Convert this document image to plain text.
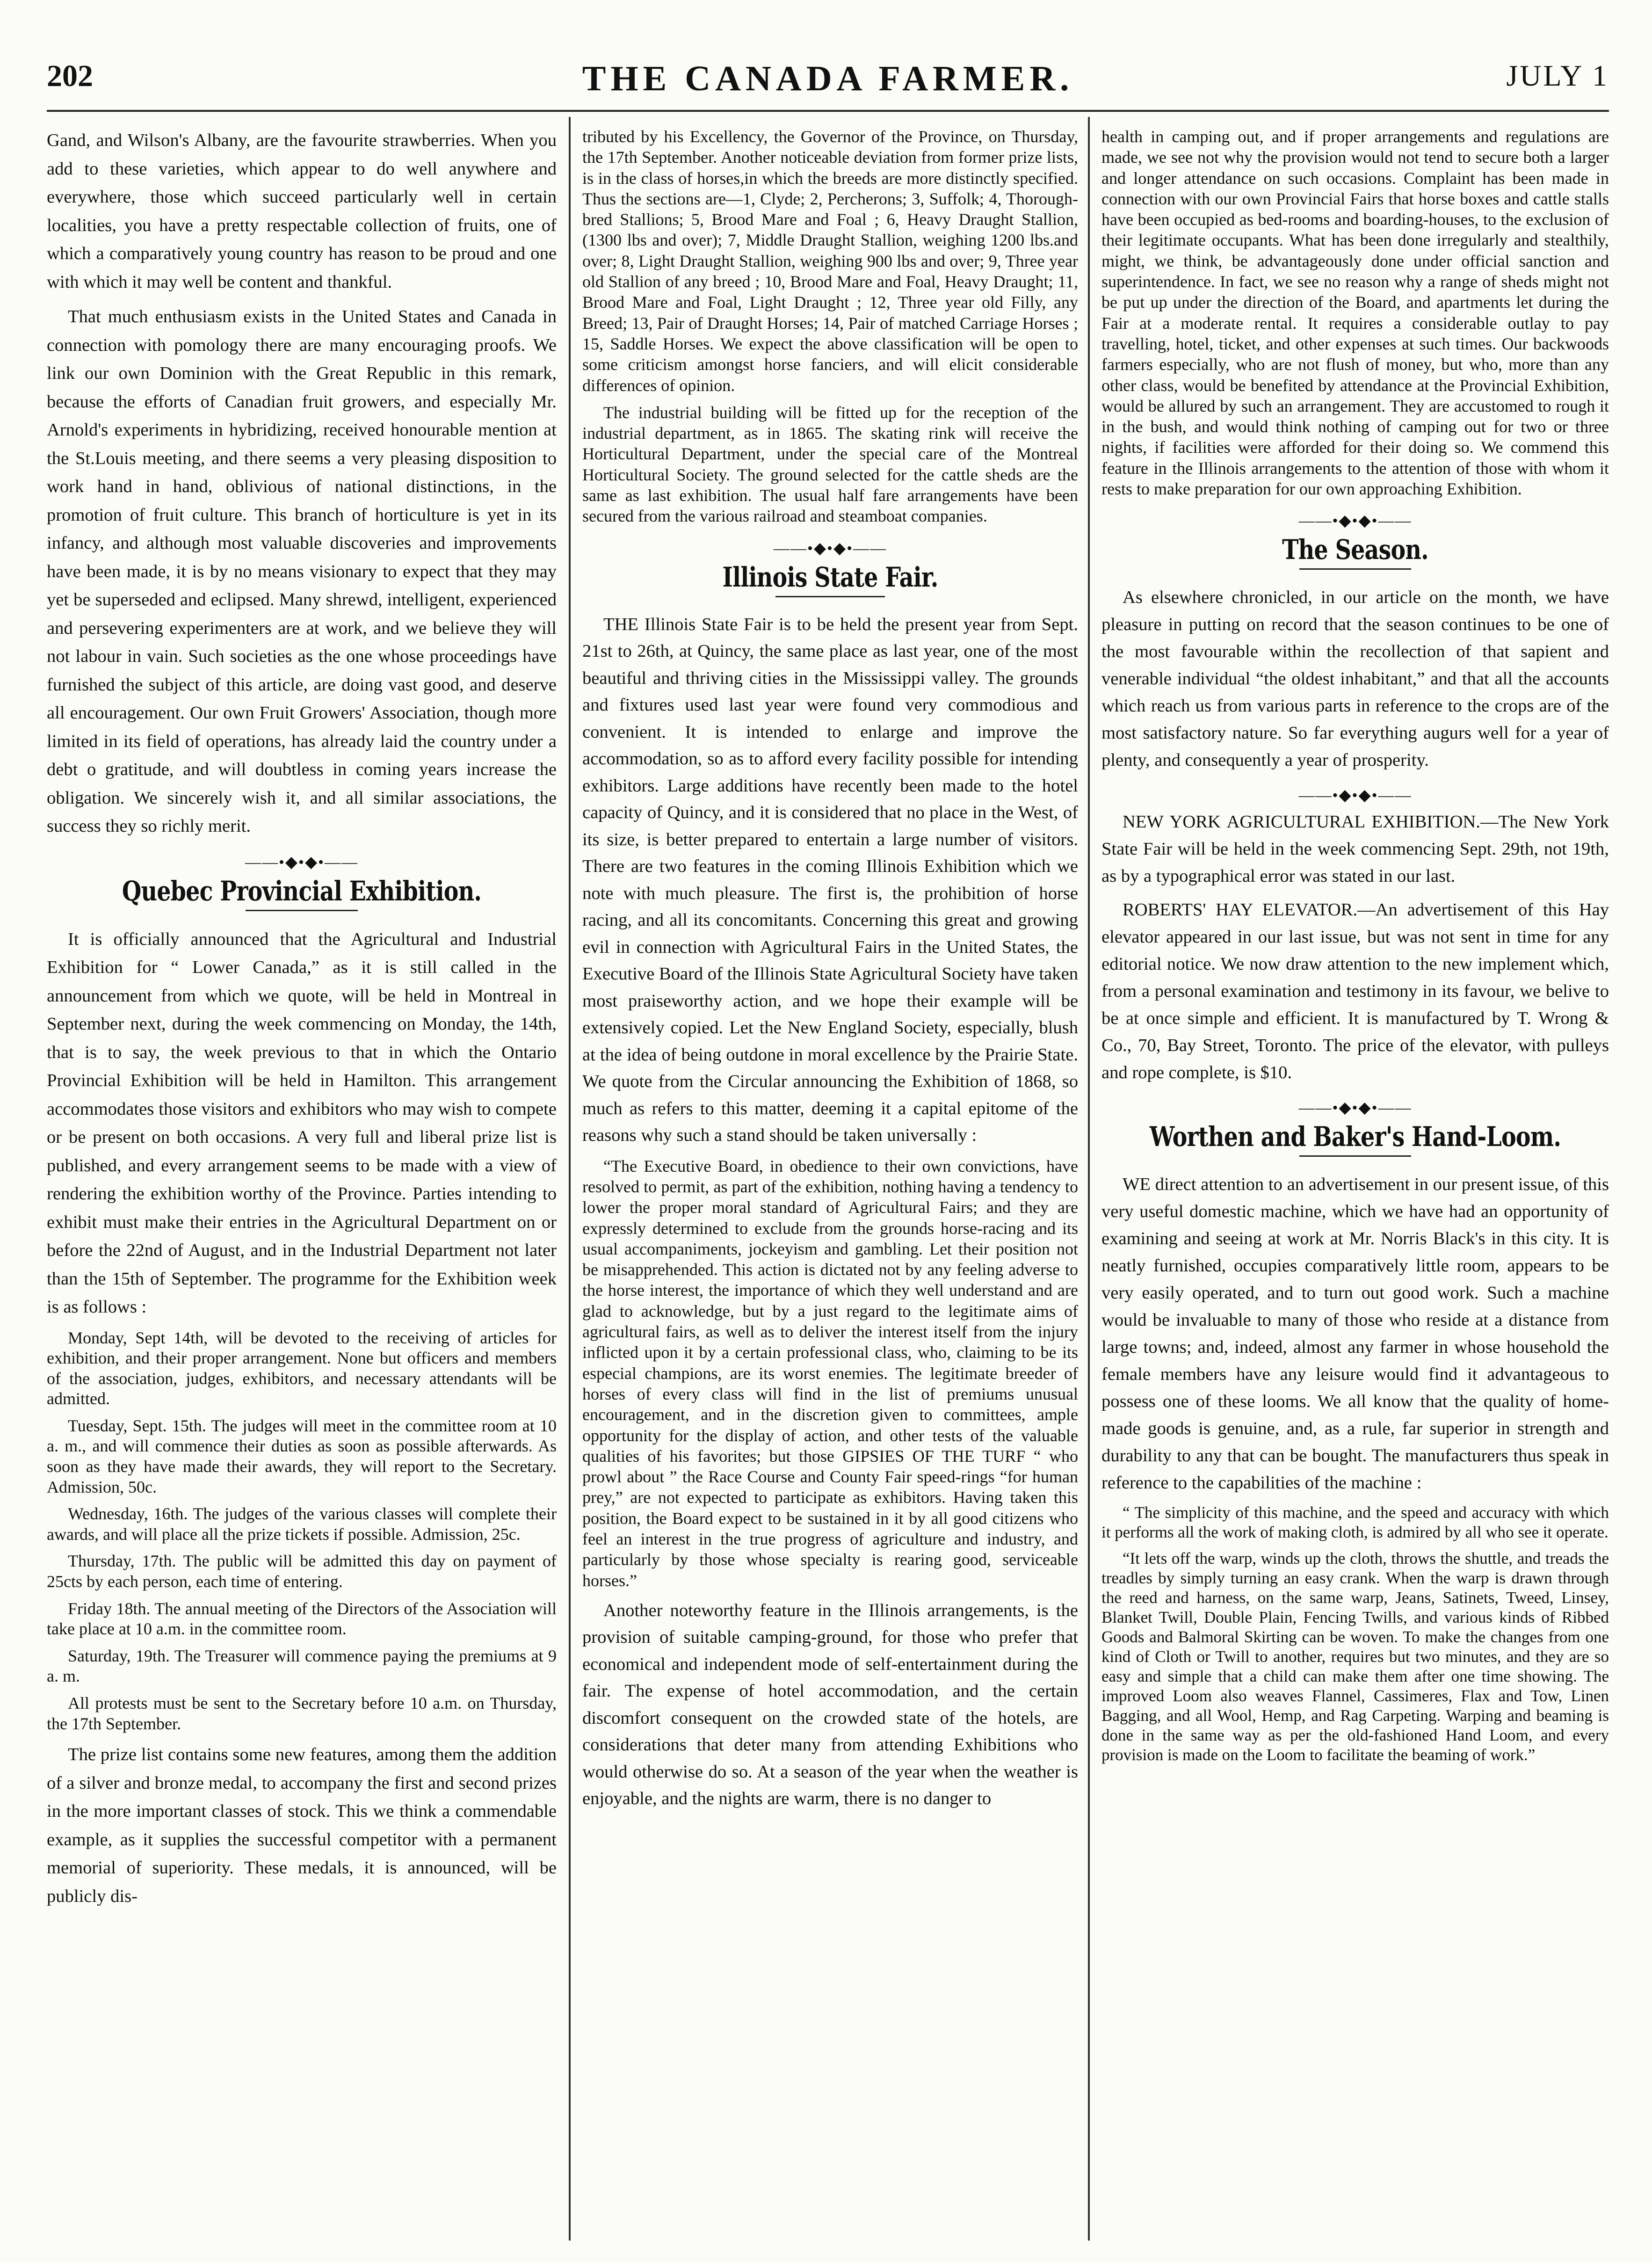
202	THE CANADA FARMER.	JULY 1

Gand, and Wilson's Albany, are the favourite strawberries. When you add to these varieties, which appear to do well anywhere and everywhere, those which succeed particularly well in certain localities, you have a pretty respectable collection of fruits, one of which a comparatively young country has reason to be proud and one with which it may well be content and thankful.

That much enthusiasm exists in the United States and Canada in connection with pomology there are many encouraging proofs. We link our own Dominion with the Great Republic in this remark, because the efforts of Canadian fruit growers, and especially Mr. Arnold's experiments in hybridizing, received honourable mention at the St.Louis meeting, and there seems a very pleasing disposition to work hand in hand, oblivious of national distinctions, in the promotion of fruit culture. This branch of horticulture is yet in its infancy, and although most valuable discoveries and improvements have been made, it is by no means visionary to expect that they may yet be superseded and eclipsed. Many shrewd, intelligent, experienced and persevering experimenters are at work, and we believe they will not labour in vain. Such societies as the one whose proceedings have furnished the subject of this article, are doing vast good, and deserve all encouragement. Our own Fruit Growers' Association, though more limited in its field of operations, has already laid the country under a debt o gratitude, and will doubtless in coming years increase the obligation. We sincerely wish it, and all similar associations, the success they so richly merit.

——•◆•◆•——
Quebec Provincial Exhibition.

It is officially announced that the Agricultural and Industrial Exhibition for “ Lower Canada,” as it is still called in the announcement from which we quote, will be held in Montreal in September next, during the week commencing on Monday, the 14th, that is to say, the week previous to that in which the Ontario Provincial Exhibition will be held in Hamilton. This arrangement accommodates those visitors and exhibitors who may wish to compete or be present on both occasions. A very full and liberal prize list is published, and every arrangement seems to be made with a view of rendering the exhibition worthy of the Province. Parties intending to exhibit must make their entries in the Agricultural Department on or before the 22nd of August, and in the Industrial Department not later than the 15th of September. The programme for the Exhibition week is as follows :

Monday, Sept 14th, will be devoted to the receiving of articles for exhibition, and their proper arrangement. None but officers and members of the association, judges, exhibitors, and necessary attendants will be admitted.

Tuesday, Sept. 15th. The judges will meet in the committee room at 10 a. m., and will commence their duties as soon as possible afterwards. As soon as they have made their awards, they will report to the Secretary. Admission, 50c.

Wednesday, 16th. The judges of the various classes will complete their awards, and will place all the prize tickets if possible. Admission, 25c.

Thursday, 17th. The public will be admitted this day on payment of 25cts by each person, each time of entering.

Friday 18th. The annual meeting of the Directors of the Association will take place at 10 a.m. in the committee room.

Saturday, 19th. The Treasurer will commence paying the premiums at 9 a. m.

All protests must be sent to the Secretary before 10 a.m. on Thursday, the 17th September.

The prize list contains some new features, among them the addition of a silver and bronze medal, to accompany the first and second prizes in the more important classes of stock. This we think a commendable example, as it supplies the successful competitor with a permanent memorial of superiority. These medals, it is announced, will be publicly dis-

tributed by his Excellency, the Governor of the Province, on Thursday, the 17th September. Another noticeable deviation from former prize lists, is in the class of horses,in which the breeds are more distinctly specified. Thus the sections are—1, Clyde; 2, Percherons; 3, Suffolk; 4, Thorough-bred Stallions; 5, Brood Mare and Foal ; 6, Heavy Draught Stallion, (1300 lbs and over); 7, Middle Draught Stallion, weighing 1200 lbs.and over; 8, Light Draught Stallion, weighing 900 lbs and over; 9, Three year old Stallion of any breed ; 10, Brood Mare and Foal, Heavy Draught; 11, Brood Mare and Foal, Light Draught ; 12, Three year old Filly, any Breed; 13, Pair of Draught Horses; 14, Pair of matched Carriage Horses ; 15, Saddle Horses. We expect the above classification will be open to some criticism amongst horse fanciers, and will elicit considerable differences of opinion.

The industrial building will be fitted up for the reception of the industrial department, as in 1865. The skating rink will receive the Horticultural Department, under the special care of the Montreal Horticultural Society. The ground selected for the cattle sheds are the same as last exhibition. The usual half fare arrangements have been secured from the various railroad and steamboat companies.

——•◆•◆•——
Illinois State Fair.

THE Illinois State Fair is to be held the present year from Sept. 21st to 26th, at Quincy, the same place as last year, one of the most beautiful and thriving cities in the Mississippi valley. The grounds and fixtures used last year were found very commodious and convenient. It is intended to enlarge and improve the accommodation, so as to afford every facility possible for intending exhibitors. Large additions have recently been made to the hotel capacity of Quincy, and it is considered that no place in the West, of its size, is better prepared to entertain a large number of visitors. There are two features in the coming Illinois Exhibition which we note with much pleasure. The first is, the prohibition of horse racing, and all its concomitants. Concerning this great and growing evil in connection with Agricultural Fairs in the United States, the Executive Board of the Illinois State Agricultural Society have taken most praiseworthy action, and we hope their example will be extensively copied. Let the New England Society, especially, blush at the idea of being outdone in moral excellence by the Prairie State. We quote from the Circular announcing the Exhibition of 1868, so much as refers to this matter, deeming it a capital epitome of the reasons why such a stand should be taken universally :

“The Executive Board, in obedience to their own convictions, have resolved to permit, as part of the exhibition, nothing having a tendency to lower the proper moral standard of Agricultural Fairs; and they are expressly determined to exclude from the grounds horse-racing and its usual accompaniments, jockeyism and gambling. Let their position not be misapprehended. This action is dictated not by any feeling adverse to the horse interest, the importance of which they well understand and are glad to acknowledge, but by a just regard to the legitimate aims of agricultural fairs, as well as to deliver the interest itself from the injury inflicted upon it by a certain professional class, who, claiming to be its especial champions, are its worst enemies. The legitimate breeder of horses of every class will find in the list of premiums unusual encouragement, and in the discretion given to committees, ample opportunity for the display of action, and other tests of the valuable qualities of his favorites; but those GIPSIES OF THE TURF “ who prowl about ” the Race Course and County Fair speed-rings “for human prey,” are not expected to participate as exhibitors. Having taken this position, the Board expect to be sustained in it by all good citizens who feel an interest in the true progress of agriculture and industry, and particularly by those whose specialty is rearing good, serviceable horses.”

Another noteworthy feature in the Illinois arrangements, is the provision of suitable camping-ground, for those who prefer that economical and independent mode of self-entertainment during the fair. The expense of hotel accommodation, and the certain discomfort consequent on the crowded state of the hotels, are considerations that deter many from attending Exhibitions who would otherwise do so. At a season of the year when the weather is enjoyable, and the nights are warm, there is no danger to

health in camping out, and if proper arrangements and regulations are made, we see not why the provision would not tend to secure both a larger and longer attendance on such occasions. Complaint has been made in connection with our own Provincial Fairs that horse boxes and cattle stalls have been occupied as bed-rooms and boarding-houses, to the exclusion of their legitimate occupants. What has been done irregularly and stealthily, might, we think, be advantageously done under official sanction and superintendence. In fact, we see no reason why a range of sheds might not be put up under the direction of the Board, and apartments let during the Fair at a moderate rental. It requires a considerable outlay to pay travelling, hotel, ticket, and other expenses at such times. Our backwoods farmers especially, who are not flush of money, but who, more than any other class, would be benefited by attendance at the Provincial Exhibition, would be allured by such an arrangement. They are accustomed to rough it in the bush, and would think nothing of camping out for two or three nights, if facilities were afforded for their doing so. We commend this feature in the Illinois arrangements to the attention of those with whom it rests to make preparation for our own approaching Exhibition.

——•◆•◆•——
The Season.

As elsewhere chronicled, in our article on the month, we have pleasure in putting on record that the season continues to be one of the most favourable within the recollection of that sapient and venerable individual “the oldest inhabitant,” and that all the accounts which reach us from various parts in reference to the crops are of the most satisfactory nature. So far everything augurs well for a year of plenty, and consequently a year of prosperity.

——•◆•◆•——

NEW YORK AGRICULTURAL EXHIBITION.—The New York State Fair will be held in the week commencing Sept. 29th, not 19th, as by a typographical error was stated in our last.

ROBERTS' HAY ELEVATOR.—An advertisement of this Hay elevator appeared in our last issue, but was not sent in time for any editorial notice. We now draw attention to the new implement which, from a personal examination and testimony in its favour, we belive to be at once simple and efficient. It is manufactured by T. Wrong & Co., 70, Bay Street, Toronto. The price of the elevator, with pulleys and rope complete, is $10.

——•◆•◆•——
Worthen and Baker's Hand-Loom.

WE direct attention to an advertisement in our present issue, of this very useful domestic machine, which we have had an opportunity of examining and seeing at work at Mr. Norris Black's in this city. It is neatly furnished, occupies comparatively little room, appears to be very easily operated, and to turn out good work. Such a machine would be invaluable to many of those who reside at a distance from large towns; and, indeed, almost any farmer in whose household the female members have any leisure would find it advantageous to possess one of these looms. We all know that the quality of home-made goods is genuine, and, as a rule, far superior in strength and durability to any that can be bought. The manufacturers thus speak in reference to the capabilities of the machine :

“ The simplicity of this machine, and the speed and accuracy with which it performs all the work of making cloth, is admired by all who see it operate.

“It lets off the warp, winds up the cloth, throws the shuttle, and treads the treadles by simply turning an easy crank. When the warp is drawn through the reed and harness, on the same warp, Jeans, Satinets, Tweed, Linsey, Blanket Twill, Double Plain, Fencing Twills, and various kinds of Ribbed Goods and Balmoral Skirting can be woven. To make the changes from one kind of Cloth or Twill to another, requires but two minutes, and they are so easy and simple that a child can make them after one time showing. The improved Loom also weaves Flannel, Cassimeres, Flax and Tow, Linen Bagging, and all Wool, Hemp, and Rag Carpeting. Warping and beaming is done in the same way as per the old-fashioned Hand Loom, and every provision is made on the Loom to facilitate the beaming of work.”
